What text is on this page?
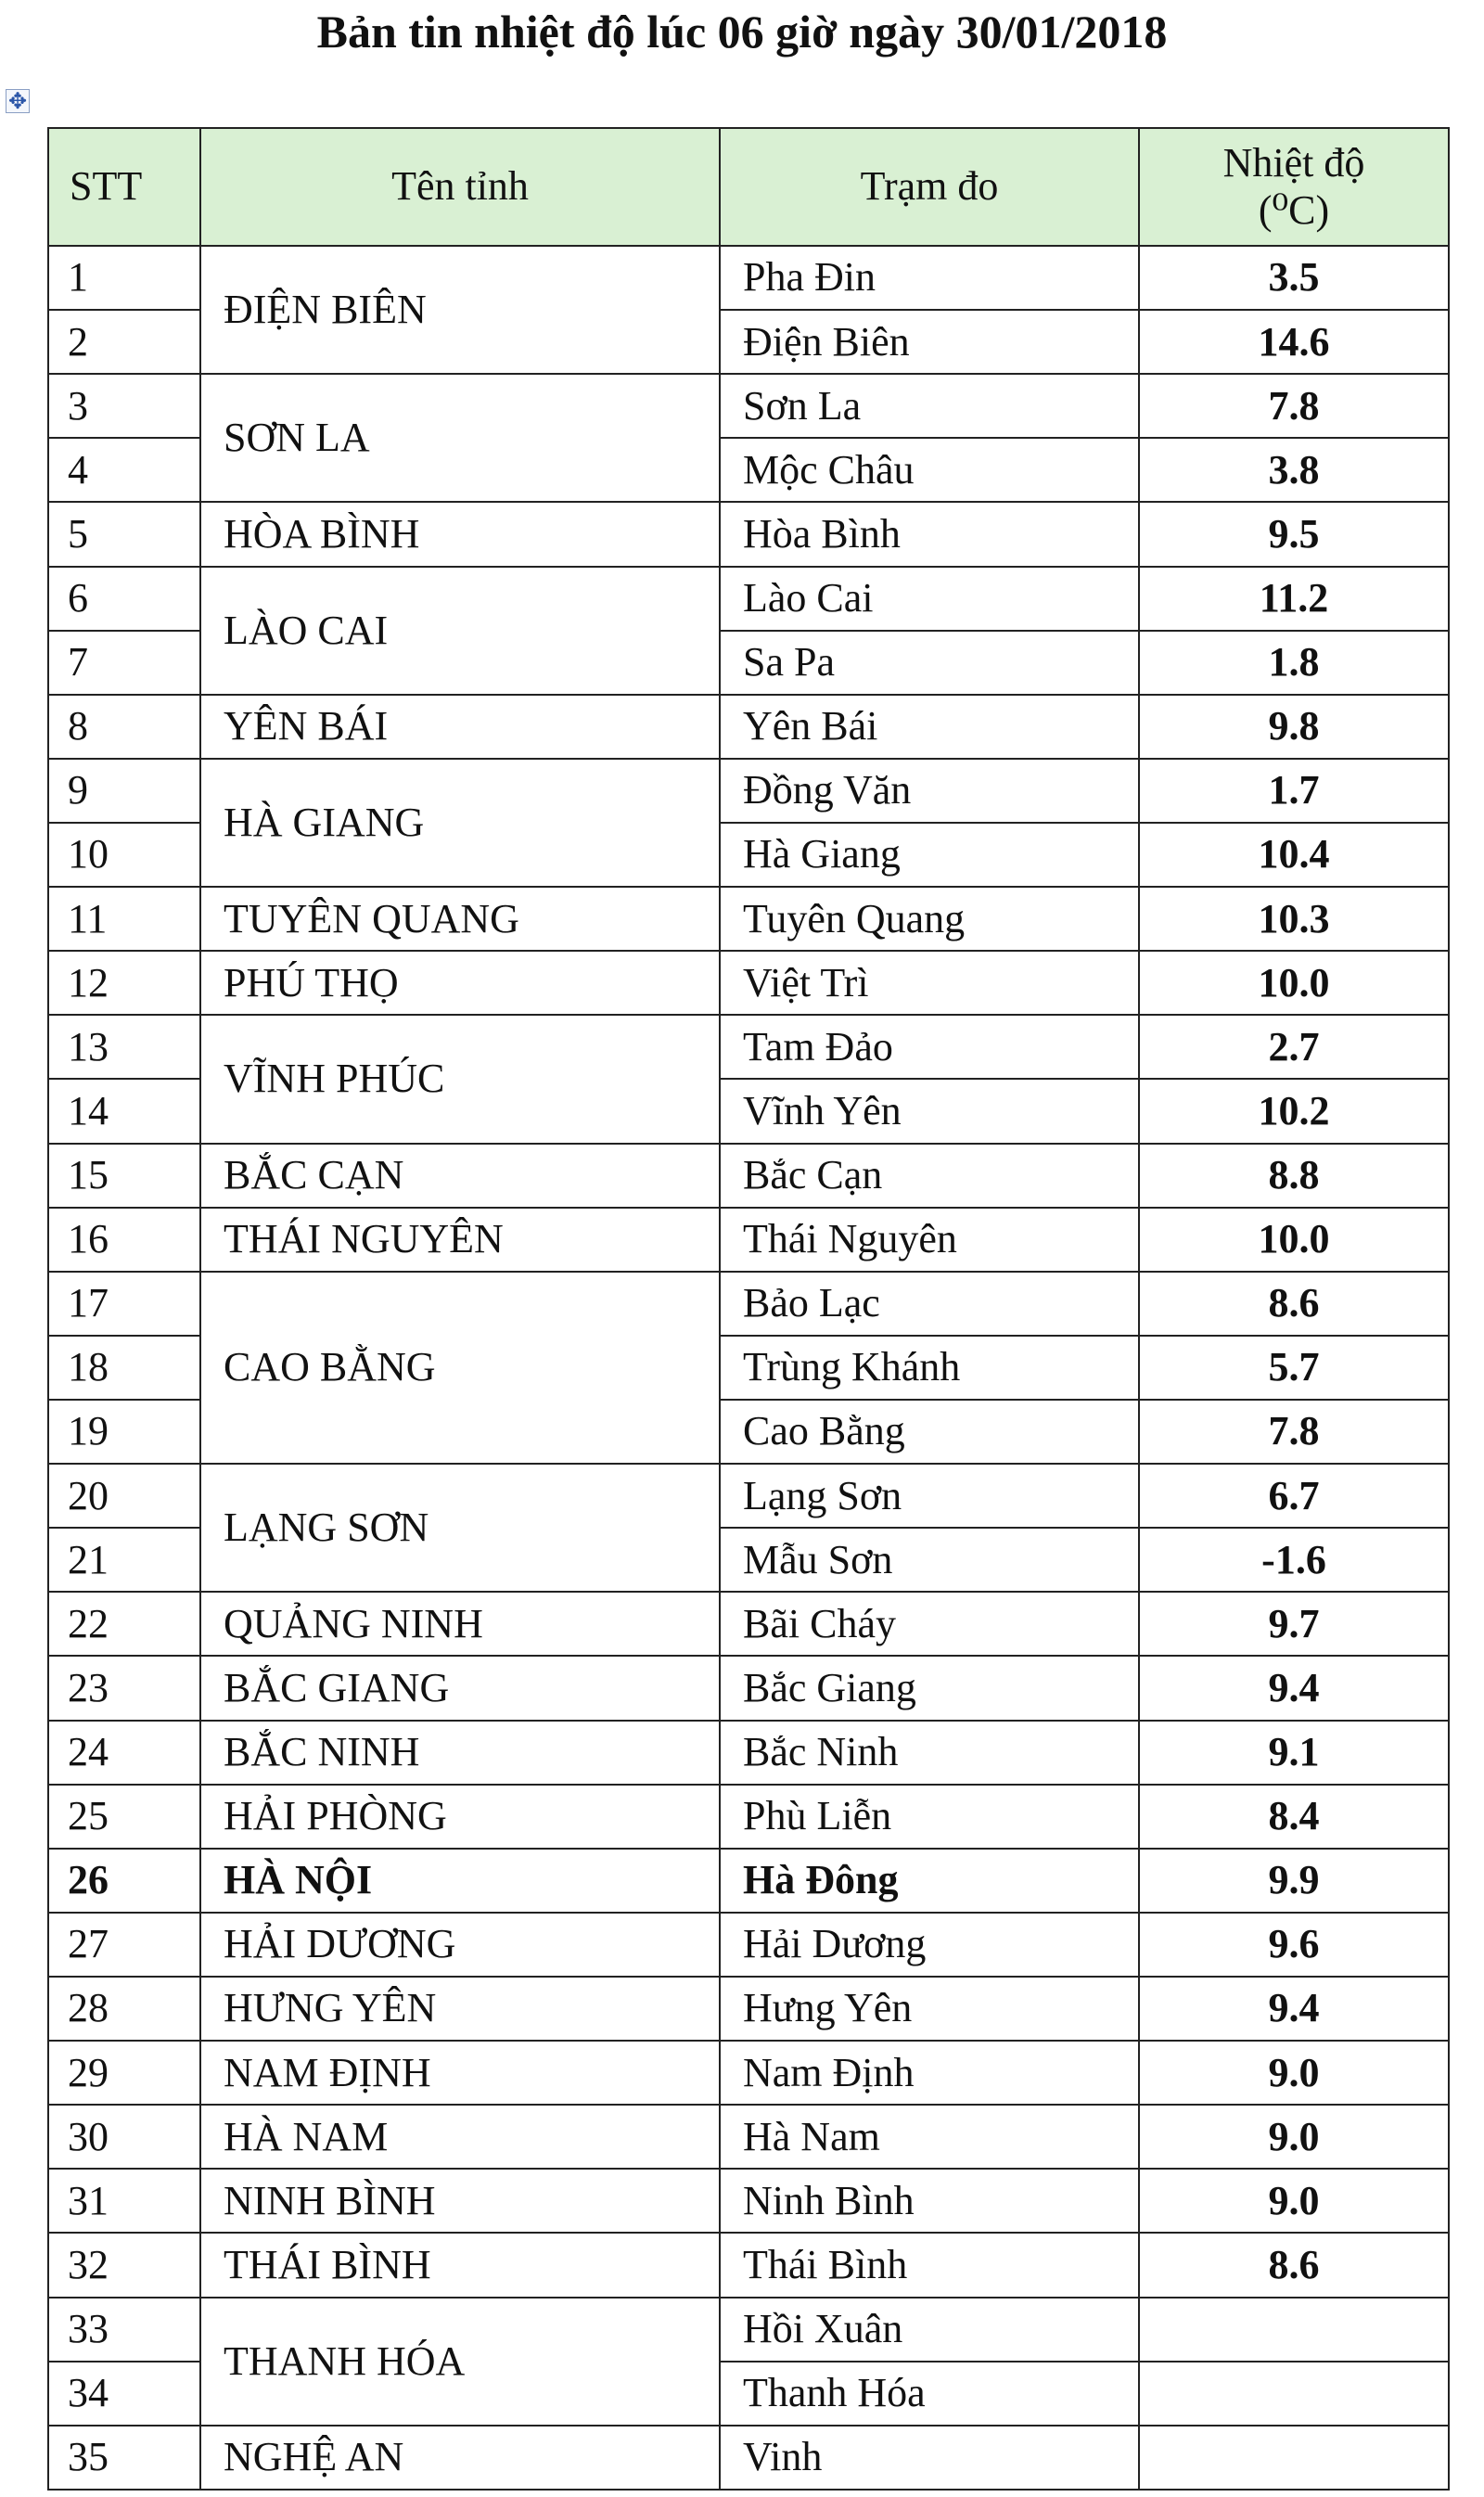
Bản tin nhiệt độ lúc 06 giờ ngày 30/01/2018
✥
STT	Tên tỉnh	Trạm đo	Nhiệt độ
(⁰C)
1	ĐIỆN BIÊN	Pha Đin	3.5
2		Điện Biên	14.6
3	SƠN LA	Sơn La	7.8
4		Mộc Châu	3.8
5	HÒA BÌNH	Hòa Bình	9.5
6	LÀO CAI	Lào Cai	11.2
7		Sa Pa	1.8
8	YÊN BÁI	Yên Bái	9.8
9	HÀ GIANG	Đồng Văn	1.7
10		Hà Giang	10.4
11	TUYÊN QUANG	Tuyên Quang	10.3
12	PHÚ THỌ	Việt Trì	10.0
13	VĨNH PHÚC	Tam Đảo	2.7
14		Vĩnh Yên	10.2
15	BẮC CẠN	Bắc Cạn	8.8
16	THÁI NGUYÊN	Thái Nguyên	10.0
17	CAO BẰNG	Bảo Lạc	8.6
18		Trùng Khánh	5.7
19		Cao Bằng	7.8
20	LẠNG SƠN	Lạng Sơn	6.7
21		Mẫu Sơn	-1.6
22	QUẢNG NINH	Bãi Cháy	9.7
23	BẮC GIANG	Bắc Giang	9.4
24	BẮC NINH	Bắc Ninh	9.1
25	HẢI PHÒNG	Phù Liễn	8.4
26	HÀ NỘI	Hà Đông	9.9
27	HẢI DƯƠNG	Hải Dương	9.6
28	HƯNG YÊN	Hưng Yên	9.4
29	NAM ĐỊNH	Nam Định	9.0
30	HÀ NAM	Hà Nam	9.0
31	NINH BÌNH	Ninh Bình	9.0
32	THÁI BÌNH	Thái Bình	8.6
33	THANH HÓA	Hồi Xuân	
34		Thanh Hóa	
35	NGHỆ AN	Vinh	
